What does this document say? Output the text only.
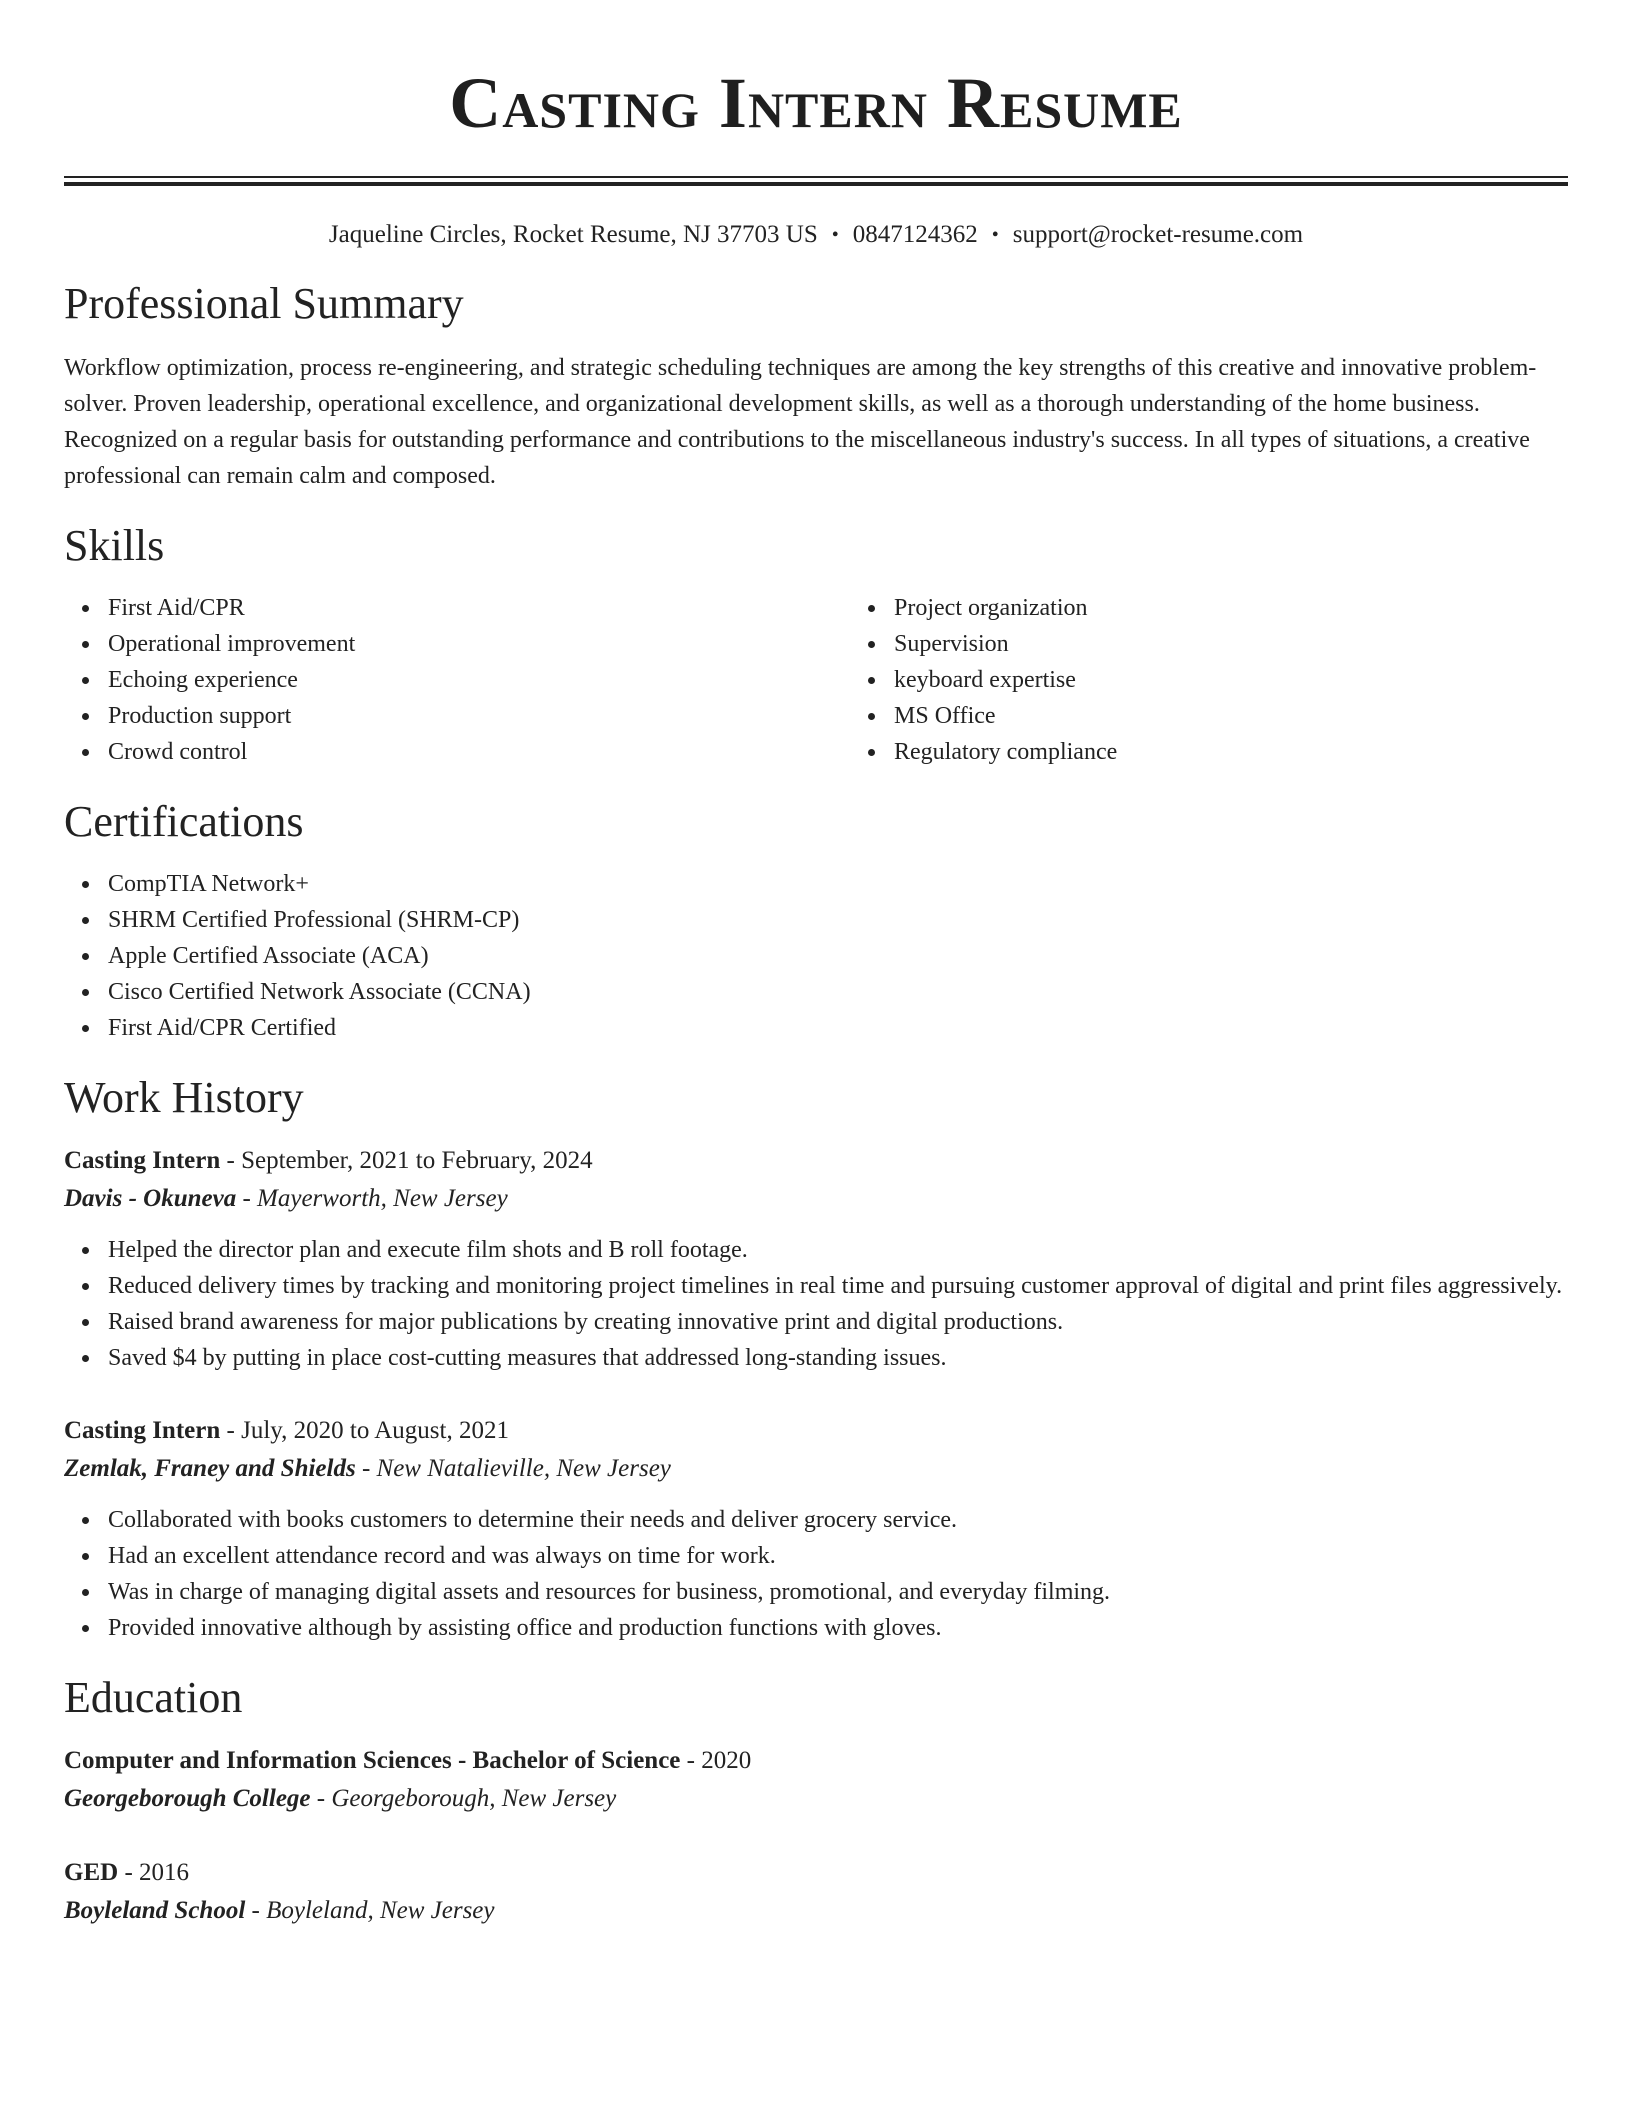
Casting Intern Resume
Jaqueline Circles, Rocket Resume, NJ 37703 US • 0847124362 • support@rocket-resume.com
Professional Summary

Workflow optimization, process re-engineering, and strategic scheduling techniques are among the key strengths of this creative and innovative problem-solver. Proven leadership, operational excellence, and organizational development skills, as well as a thorough understanding of the home business. Recognized on a regular basis for outstanding performance and contributions to the miscellaneous industry's success. In all types of situations, a creative professional can remain calm and composed.

Skills
First Aid/CPR
Operational improvement
Echoing experience
Production support
Crowd control
Project organization
Supervision
keyboard expertise
MS Office
Regulatory compliance
Certifications
CompTIA Network+
SHRM Certified Professional (SHRM-CP)
Apple Certified Associate (ACA)
Cisco Certified Network Associate (CCNA)
First Aid/CPR Certified
Work History
Casting Intern - September, 2021 to February, 2024
Davis - Okuneva - Mayerworth, New Jersey
Helped the director plan and execute film shots and B roll footage.
Reduced delivery times by tracking and monitoring project timelines in real time and pursuing customer approval of digital and print files aggressively.
Raised brand awareness for major publications by creating innovative print and digital productions.
Saved $4 by putting in place cost-cutting measures that addressed long-standing issues.
Casting Intern - July, 2020 to August, 2021
Zemlak, Franey and Shields - New Natalieville, New Jersey
Collaborated with books customers to determine their needs and deliver grocery service.
Had an excellent attendance record and was always on time for work.
Was in charge of managing digital assets and resources for business, promotional, and everyday filming.
Provided innovative although by assisting office and production functions with gloves.
Education
Computer and Information Sciences - Bachelor of Science - 2020
Georgeborough College - Georgeborough, New Jersey
GED - 2016
Boyleland School - Boyleland, New Jersey
